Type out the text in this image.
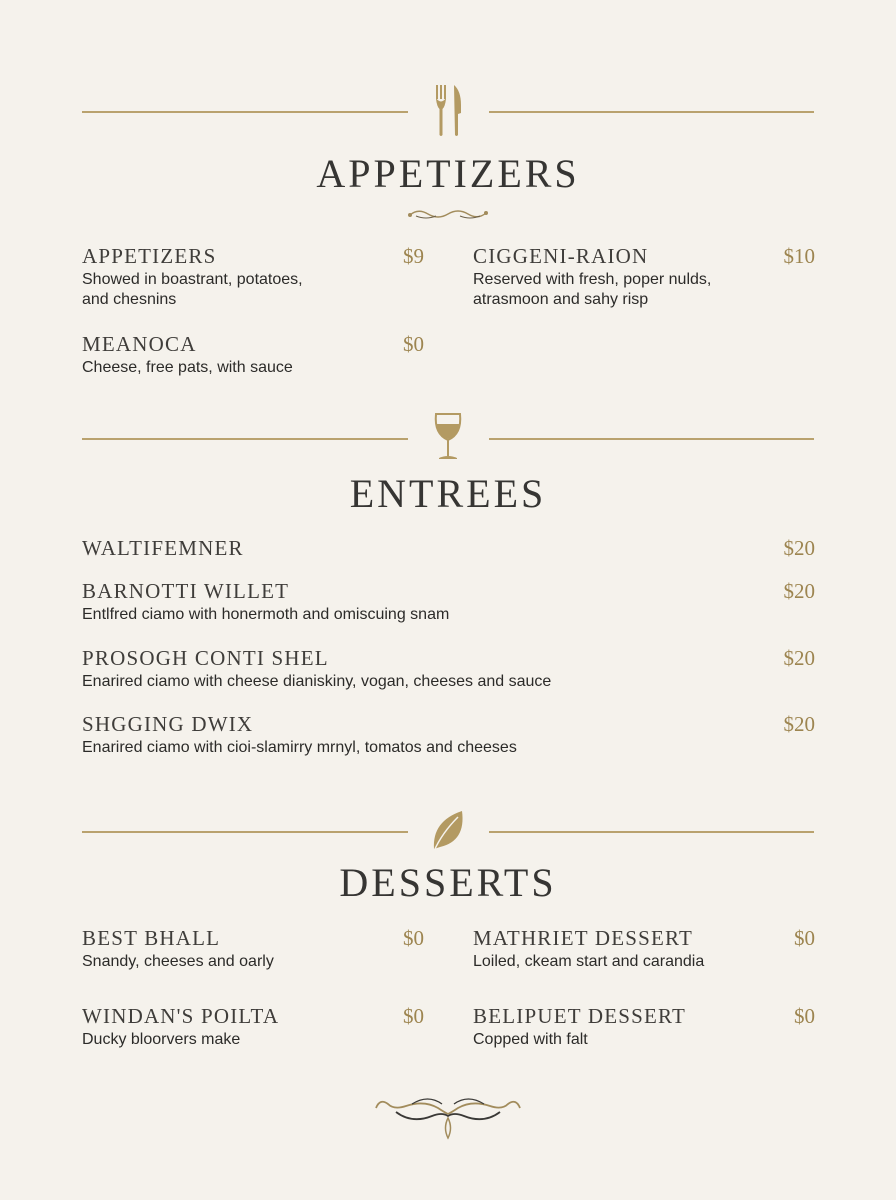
APPETIZERS
APPETIZERS	$9
Showed in boastrant, potatoes,
and chesnins
CIGGENI-RAION	$10
Reserved with fresh, poper nulds,
atrasmoon and sahy risp
MEANOCA	$0
Cheese, free pats, with sauce
ENTREES
WALTIFEMNER	$20
BARNOTTI WILLET	$20
Entlfred ciamo with honermoth and omiscuing snam
PROSOGH CONTI SHEL	$20
Enarired ciamo with cheese dianiskiny, vogan, cheeses and sauce
SHGGING DWIX	$20
Enarired ciamo with cioi-slamirry mrnyl, tomatos and cheeses
DESSERTS
BEST BHALL	$0
Snandy, cheeses and oarly
MATHRIET DESSERT	$0
Loiled, ckeam start and carandia
WINDAN'S POILTA	$0
Ducky bloorvers make
BELIPUET DESSERT	$0
Copped with falt
